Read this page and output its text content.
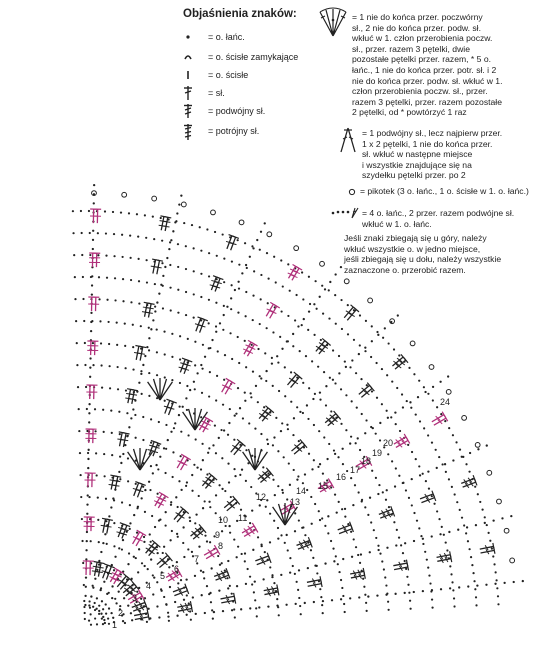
Objaśnienia znaków:
= o. łańc.
= o. ścisłe zamykające
= o. ścisłe
= sł.
= podwójny sł.
= potrójny sł.
= 1 nie do końca przer. poczwórny
sł., 2 nie do końca przer. podw. sł.
wkłuć w 1. człon przerobienia poczw.
sł., przer. razem 3 pętelki, dwie
pozostałe pętelki przer. razem, * 5 o.
łańc., 1 nie do końca przer. potr. sł. i 2
nie do końca przer. podw. sł. wkłuć w 1.
człon przerobienia poczw. sł., przer.
razem 3 pętelki, przer. razem pozostałe
2 pętelki, od * powtórzyć 1 raz
= 1 podwójny sł., lecz najpierw przer.
1 x 2 pętelki, 1 nie do końca przer.
sł. wkłuć w następne miejsce
i wszystkie znajdujące się na
szydełku pętelki przer. po 2
= pikotek (3 o. łańc., 1 o. ścisłe w 1. o. łańc.)
= 4 o. łańc., 2 przer. razem podwójne sł.
wkłuć w 1. o. łańc.
Jeśli znaki zbiegają się u góry, należy
wkłuć wszystkie o. w jedno miejsce,
jeśli zbiegają się u dołu, należy wszystkie
zaznaczone o. przerobić razem.
24
20
19
18
17
16
15
14
13
12
11
10
9
8
7
6
5
4
3
2
1
